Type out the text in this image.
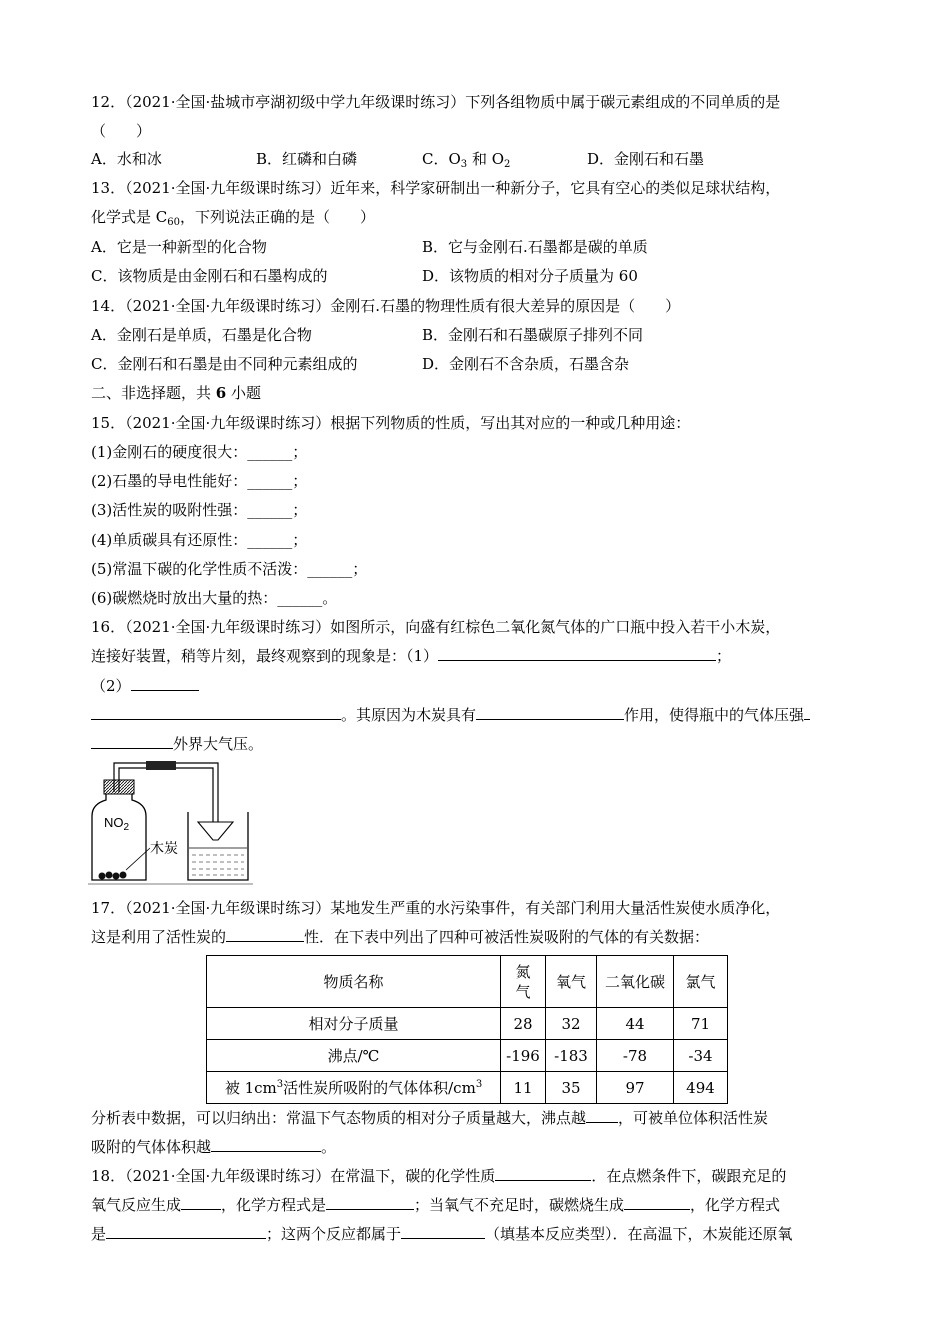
12．（2021·全国·盐城市亭湖初级中学九年级课时练习）下列各组物质中属于碳元素组成的不同单质的是
（　　）
A．水和冰	B．红磷和白磷	C．$O_3$ 和 $O_2$	D．金刚石和石墨
13．（2021·全国·九年级课时练习）近年来，科学家研制出一种新分子，它具有空心的类似足球状结构，
化学式是 $C_{60}$，下列说法正确的是（　　）
A．它是一种新型的化合物	B．它与金刚石.石墨都是碳的单质
C．该物质是由金刚石和石墨构成的	D．该物质的相对分子质量为 60
14．（2021·全国·九年级课时练习）金刚石.石墨的物理性质有很大差异的原因是（　　）
A．金刚石是单质，石墨是化合物	B．金刚石和石墨碳原子排列不同
C．金刚石和石墨是由不同种元素组成的	D．金刚石不含杂质，石墨含杂
二、非选择题，共 6 小题
15．（2021·全国·九年级课时练习）根据下列物质的性质，写出其对应的一种或几种用途：
(1)金刚石的硬度很大：______；
(2)石墨的导电性能好：______；
(3)活性炭的吸附性强：______；
(4)单质碳具有还原性：______；
(5)常温下碳的化学性质不活泼：______；
(6)碳燃烧时放出大量的热：______。
16．（2021·全国·九年级课时练习）如图所示，向盛有红棕色二氧化氮气体的广口瓶中投入若干小木炭，
连接好装置，稍等片刻，最终观察到的现象是：（1）	；
（2）
。其原因为木炭具有	作用，使得瓶中的气体压强
外界大气压。
$NO_2$
木炭
17．（2021·全国·九年级课时练习）某地发生严重的水污染事件，有关部门利用大量活性炭使水质净化，
这是利用了活性炭的	性．在下表中列出了四种可被活性炭吸附的气体的有关数据：
物质名称	氮气	氧气	二氧化碳	氯气
相对分子质量	28	32	44	71
沸点/℃	-196	-183	-78	-34
被 $1cm^3$活性炭所吸附的气体体积$/cm^3$	11	35	97	494
分析表中数据，可以归纳出：常温下气态物质的相对分子质量越大，沸点越 ，可被单位体积活性炭
吸附的气体体积越	。
18．（2021·全国·九年级课时练习）在常温下，碳的化学性质	．在点燃条件下，碳跟充足的
氧气反应生成	，化学方程式是	；当氧气不充足时，碳燃烧生成	，化学方程式
是	；这两个反应都属于	（填基本反应类型）．在高温下，木炭能还原氧
